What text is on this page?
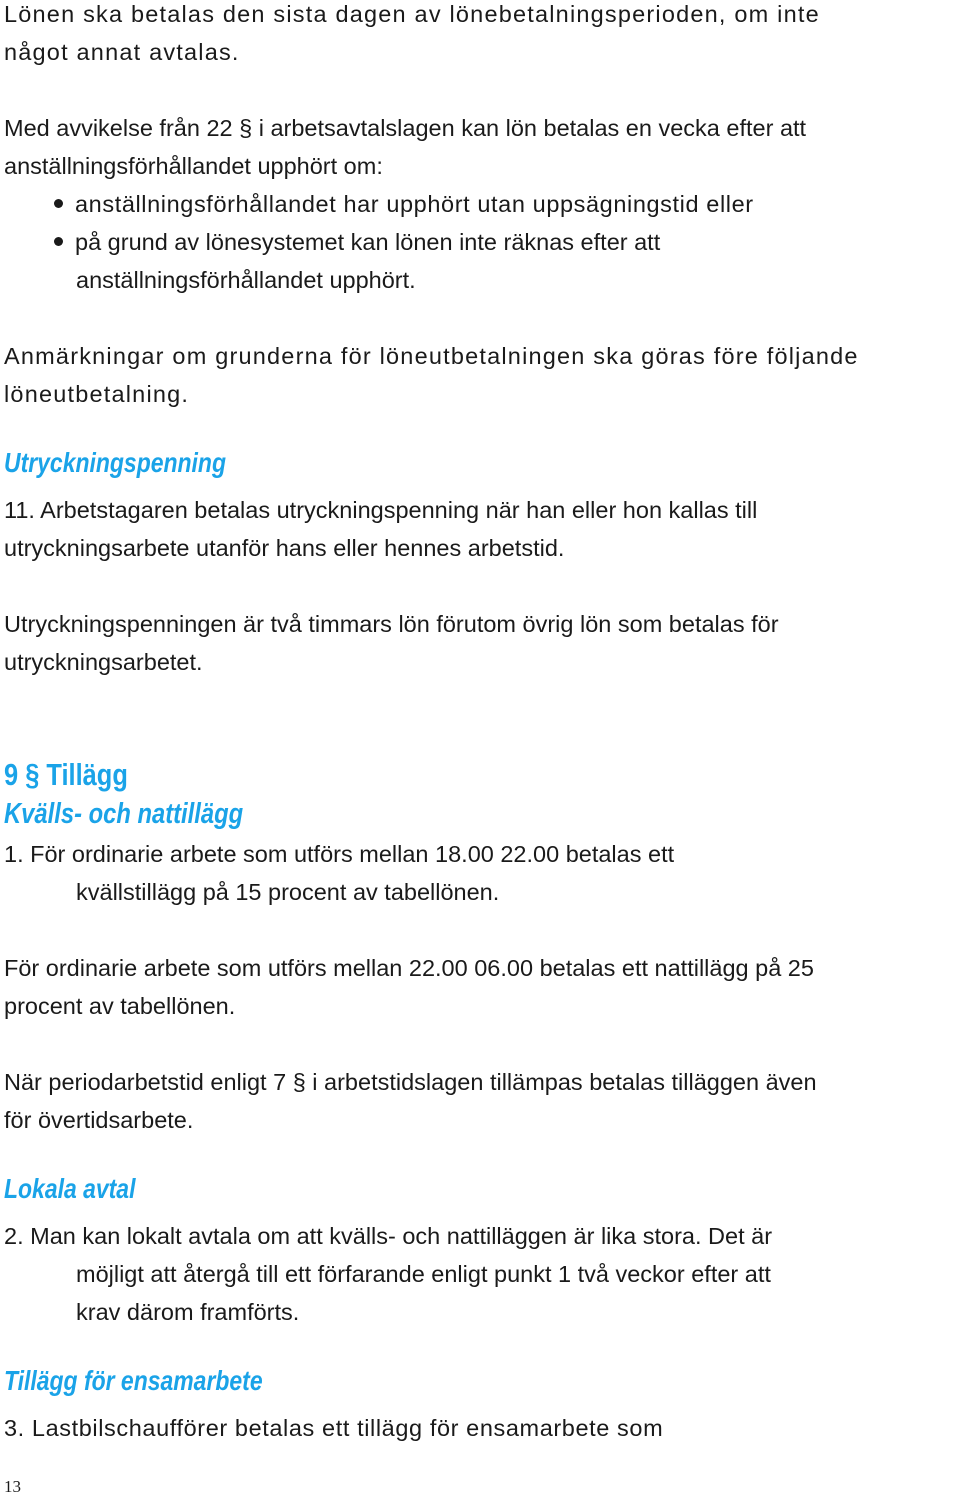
Lönen ska betalas den sista dagen av lönebetalningsperioden, om inte
något annat avtalas.
Med avvikelse från 22 § i arbetsavtalslagen kan lön betalas en vecka efter att
anställningsförhållandet upphört om:
anställningsförhållandet har upphört utan uppsägningstid eller
på grund av lönesystemet kan lönen inte räknas efter att
anställningsförhållandet upphört.
Anmärkningar om grunderna för löneutbetalningen ska göras före följande
löneutbetalning.
Utryckningspenning
11. Arbetstagaren betalas utryckningspenning när han eller hon kallas till
utryckningsarbete utanför hans eller hennes arbetstid.
Utryckningspenningen är två timmars lön förutom övrig lön som betalas för
utryckningsarbetet.
9 § Tillägg
Kvälls- och nattillägg
1. För ordinarie arbete som utförs mellan 18.00 22.00 betalas ett
kvällstillägg på 15 procent av tabellönen.
För ordinarie arbete som utförs mellan 22.00 06.00 betalas ett nattillägg på 25
procent av tabellönen.
När periodarbetstid enligt 7 § i arbetstidslagen tillämpas betalas tilläggen även
för övertidsarbete.
Lokala avtal
2. Man kan lokalt avtala om att kvälls- och nattilläggen är lika stora. Det är
möjligt att återgå till ett förfarande enligt punkt 1 två veckor efter att
krav därom framförts.
Tillägg för ensamarbete
3. Lastbilschaufförer betalas ett tillägg för ensamarbete som
13
